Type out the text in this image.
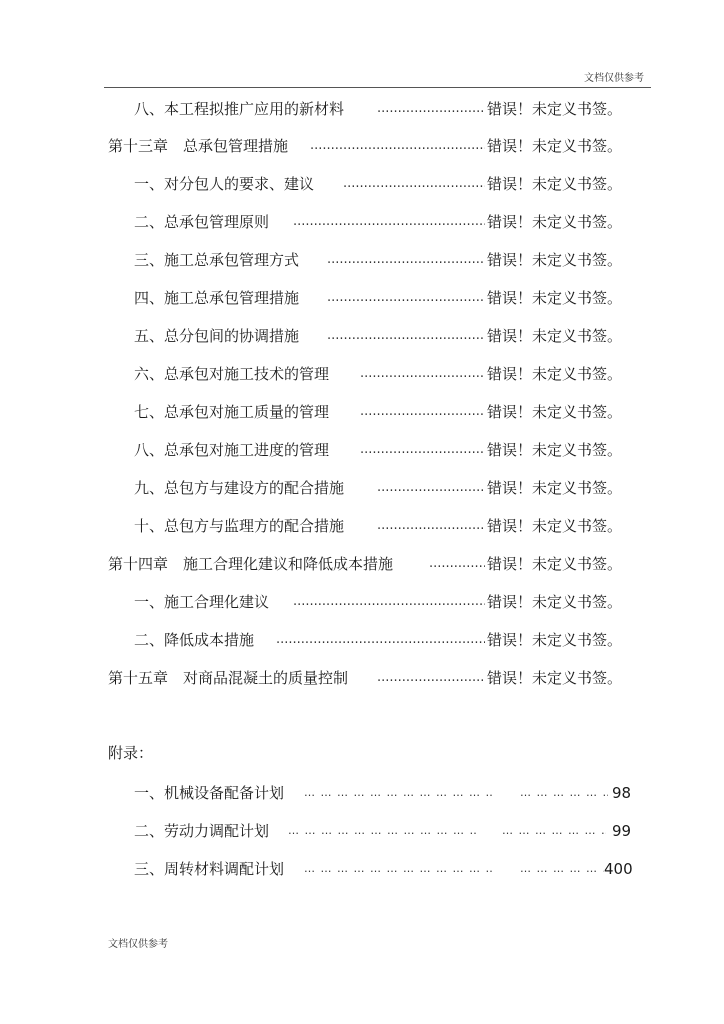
文档仅供参考
八、本工程拟推广应用的新材料 .....	错误！未定义书签。
第十三章　总承包管理措施 .....	错误！未定义书签。
一、对分包人的要求、建议 .....	错误！未定义书签。
二、总承包管理原则 .....	错误！未定义书签。
三、施工总承包管理方式 .....	错误！未定义书签。
四、施工总承包管理措施 .....	错误！未定义书签。
五、总分包间的协调措施 .....	错误！未定义书签。
六、总承包对施工技术的管理 .....	错误！未定义书签。
七、总承包对施工质量的管理 .....	错误！未定义书签。
八、总承包对施工进度的管理 .....	错误！未定义书签。
九、总包方与建设方的配合措施 .....	错误！未定义书签。
十、总包方与监理方的配合措施 .....	错误！未定义书签。
第十四章　施工合理化建议和降低成本措施 .....	错误！未定义书签。
一、施工合理化建议 .....	错误！未定义书签。
二、降低成本措施 .....	错误！未定义书签。
第十五章　对商品混凝土的质量控制 .....	错误！未定义书签。
附录：
一、机械设备配备计划 … … … … … … … … … … … … … … … … … … … … … … … … … … … … … … … … … … … … … … … … … … … … … … … … … … … … … … … … … … … … … … … …	98
二、劳动力调配计划 … … … … … … … … … … … … … … … … … … … … … … … … … … … … … … … … … … … … … … … … … … … … … … … … … … … … … … … … … … … … … … … …	99
三、周转材料调配计划 … … … … … … … … … … … … … … … … … … … … … … … … … … … … … … … … … … … … … … … … … … … … … … … … … … … … … … … … … … … … … … … …	400
文档仅供参考
